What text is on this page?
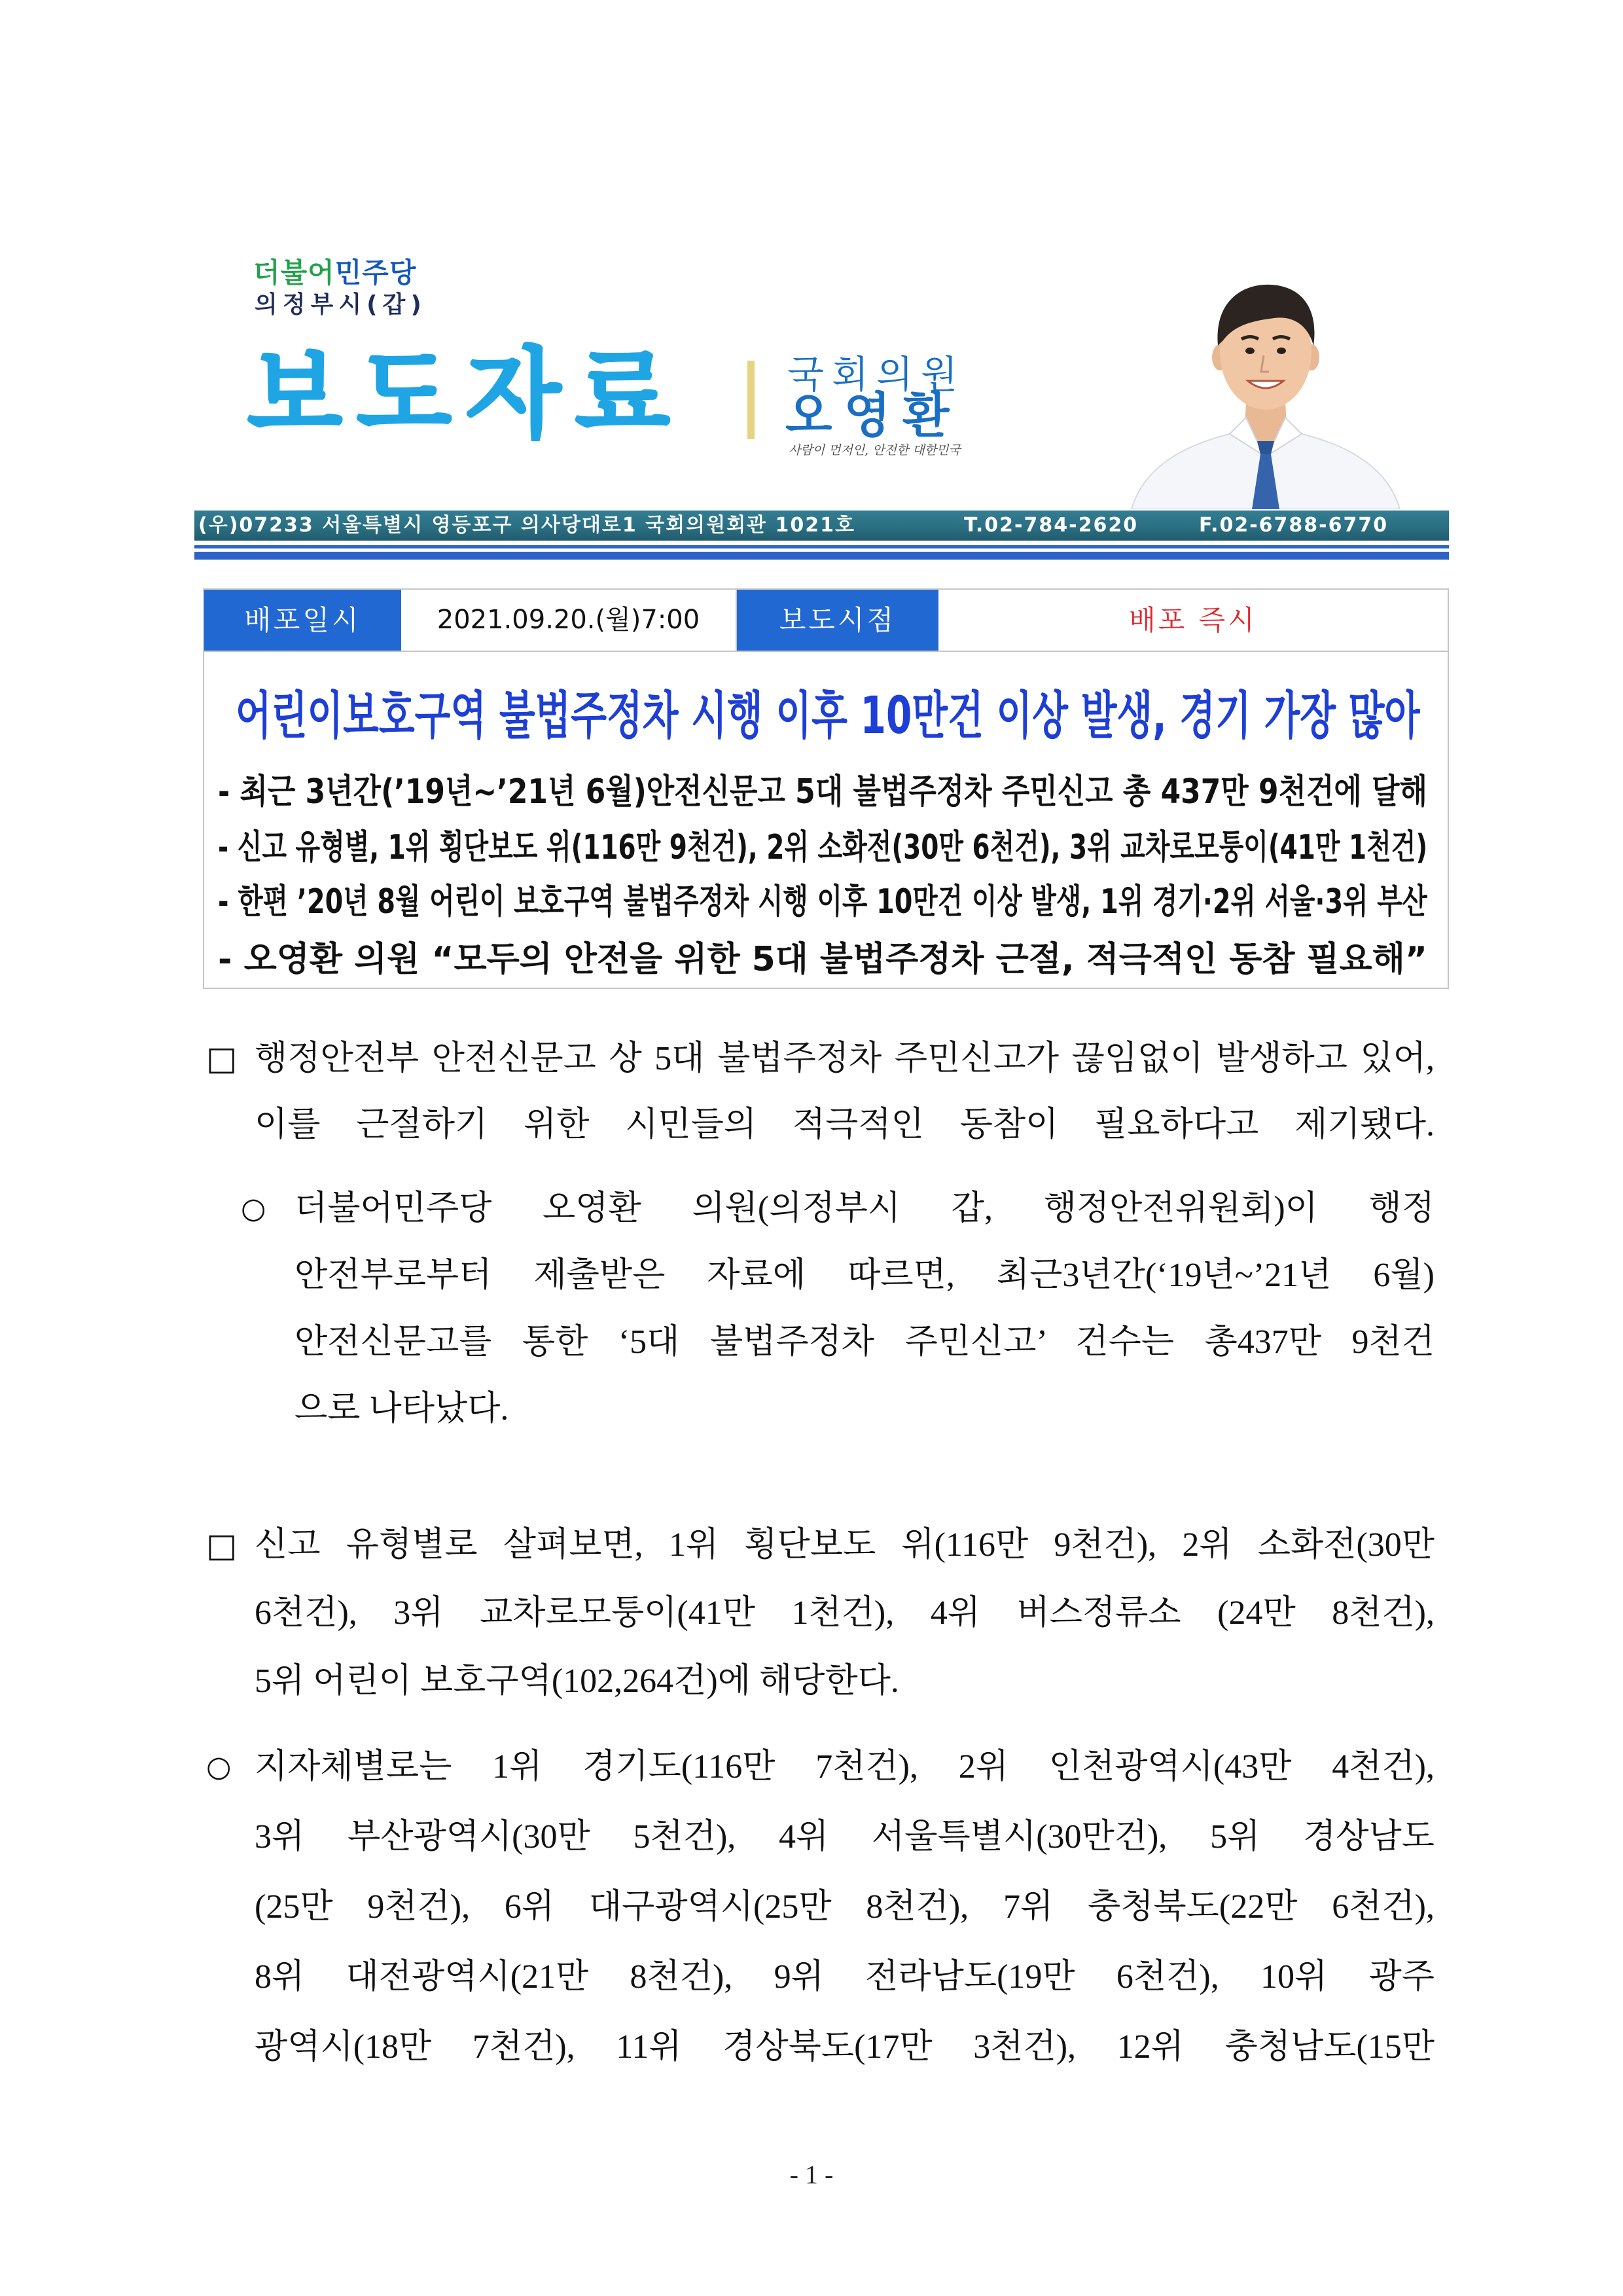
더불어민주당
의정부시(갑)
보도자료	국회의원
오영환
사람이 먼저인, 안전한 대한민국
(우)07233 서울특별시 영등포구 의사당대로1 국회의원회관 1021호	T.02-784-2620	F.02-6788-6770
배포일시	2021.09.20.(월)7:00	보도시점	배포 즉시
어린이보호구역 불법주정차 시행 이후 10만건 이상 발생, 경기 가장 많아
- 최근 3년간(’19년~’21년 6월)안전신문고 5대 불법주정차 주민신고 총 437만 9천건에 달해
- 신고 유형별, 1위 횡단보도 위(116만 9천건), 2위 소화전(30만 6천건), 3위 교차로모퉁이(41만 1천건)
- 한편 ’20년 8월 어린이 보호구역 불법주정차 시행 이후 10만건 이상 발생, 1위 경기·2위 서울·3위 부산
- 오영환 의원 “모두의 안전을 위한 5대 불법주정차 근절, 적극적인 동참 필요해”
□ 행정안전부 안전신문고 상 5대 불법주정차 주민신고가 끊임없이 발생하고 있어,
이를 근절하기 위한 시민들의 적극적인 동참이 필요하다고 제기됐다.
○ 더불어민주당 오영환 의원(의정부시 갑, 행정안전위원회)이 행정
안전부로부터 제출받은 자료에 따르면, 최근3년간(‘19년~’21년 6월)
안전신문고를 통한 ‘5대 불법주정차 주민신고’ 건수는 총437만 9천건
으로 나타났다.
□ 신고 유형별로 살펴보면, 1위 횡단보도 위(116만 9천건), 2위 소화전(30만
6천건), 3위 교차로모퉁이(41만 1천건), 4위 버스정류소 (24만 8천건),
5위 어린이 보호구역(102,264건)에 해당한다.
○ 지자체별로는 1위 경기도(116만 7천건), 2위 인천광역시(43만 4천건),
3위 부산광역시(30만 5천건), 4위 서울특별시(30만건), 5위 경상남도
(25만 9천건), 6위 대구광역시(25만 8천건), 7위 충청북도(22만 6천건),
8위 대전광역시(21만 8천건), 9위 전라남도(19만 6천건), 10위 광주
광역시(18만 7천건), 11위 경상북도(17만 3천건), 12위 충청남도(15만
- 1 -
